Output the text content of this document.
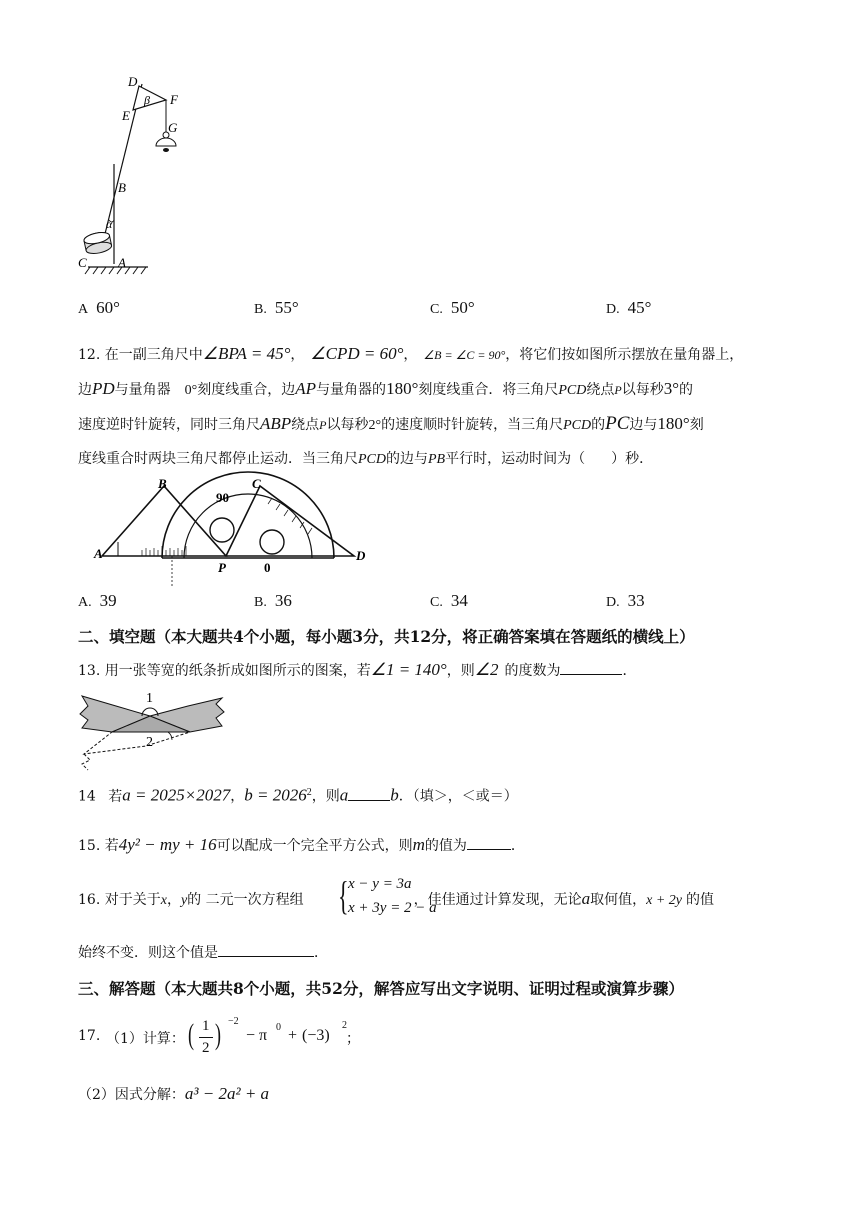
D
F
E
β
G
B
α
C A
A 60°	B. 55°	C. 50°	D. 45°
12. 在一副三角尺中∠BPA = 45°， ∠CPD = 60°， ∠B = ∠C = 90°，将它们按如图所示摆放在量角器上，
边PD与量角器 0°刻度线重合，边AP与量角器的180°刻度线重合．将三角尺PCD绕点P以每秒3°的
速度逆时针旋转，同时三角尺ABP绕点P以每秒2°的速度顺时针旋转，当三角尺PCD的PC边与180°刻
度线重合时两块三角尺都停止运动．当三角尺PCD的边与PB平行时，运动时间为（ ）秒．
A
B	C
D
P	0
90
A. 39	B. 36	C. 34	D. 33
二、填空题（本大题共4个小题，每小题3分，共12分，将正确答案填在答题纸的横线上）
13. 用一张等宽的纸条折成如图所示的图案，若∠1 = 140°，则∠2 的度数为	．
1
2
14 若a = 2025×2027，$b = 2026^2$，则a b．（填＞，＜或＝）
15. 若4y² − my + 16可以配成一个完全平方公式，则m的值为	．
16. 对于关于x，y的 二元一次方程组	，佳佳通过计算发现，无论a取何值，x + 2y 的值
{ x − y = 3a
x + 3y = 2 − a
始终不变．则这个值是	．
三、解答题（本大题共8个小题，共52分，解答应写出文字说明、证明过程或演算步骤）
17. （1）计算： ( 1
2 ) −2
− π 0 + (−3)
2
；
（2）因式分解：a³ − 2a² + a
